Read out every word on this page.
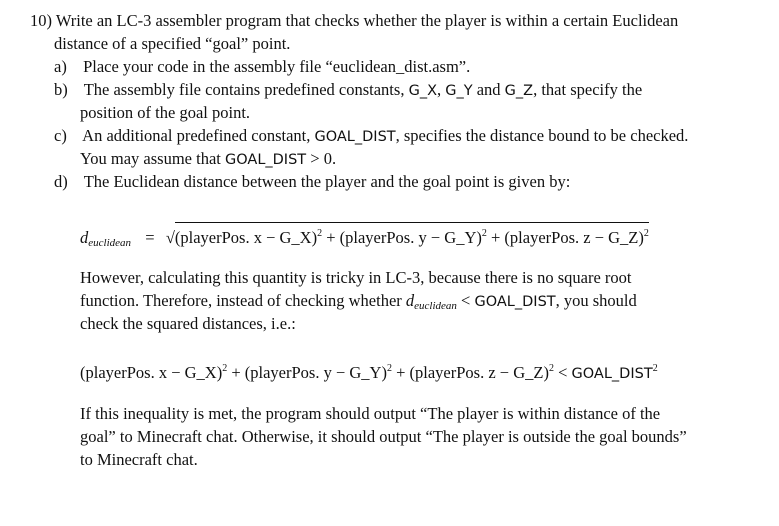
10) Write an LC-3 assembler program that checks whether the player is within a certain Euclidean
distance of a specified “goal” point.
a) Place your code in the assembly file “euclidean_dist.asm”.
b) The assembly file contains predefined constants, G_X, G_Y and G_Z, that specify the
position of the goal point.
c) An additional predefined constant, GOAL_DIST, specifies the distance bound to be checked.
You may assume that GOAL_DIST > 0.
d) The Euclidean distance between the player and the goal point is given by:
$d_{euclidean}$ = √(playerPos. x − G_X)$^2$ + (playerPos. y − G_Y)$^2$ + (playerPos. z − G_Z)$^2$
However, calculating this quantity is tricky in LC-3, because there is no square root
function. Therefore, instead of checking whether $d_{euclidean}$ < GOAL_DIST, you should
check the squared distances, i.e.:
(playerPos. x − G_X)$^2$ + (playerPos. y − G_Y)$^2$ + (playerPos. z − G_Z)$^2$ < $GOAL\_DIST^2$
If this inequality is met, the program should output “The player is within distance of the
goal” to Minecraft chat. Otherwise, it should output “The player is outside the goal bounds”
to Minecraft chat.
